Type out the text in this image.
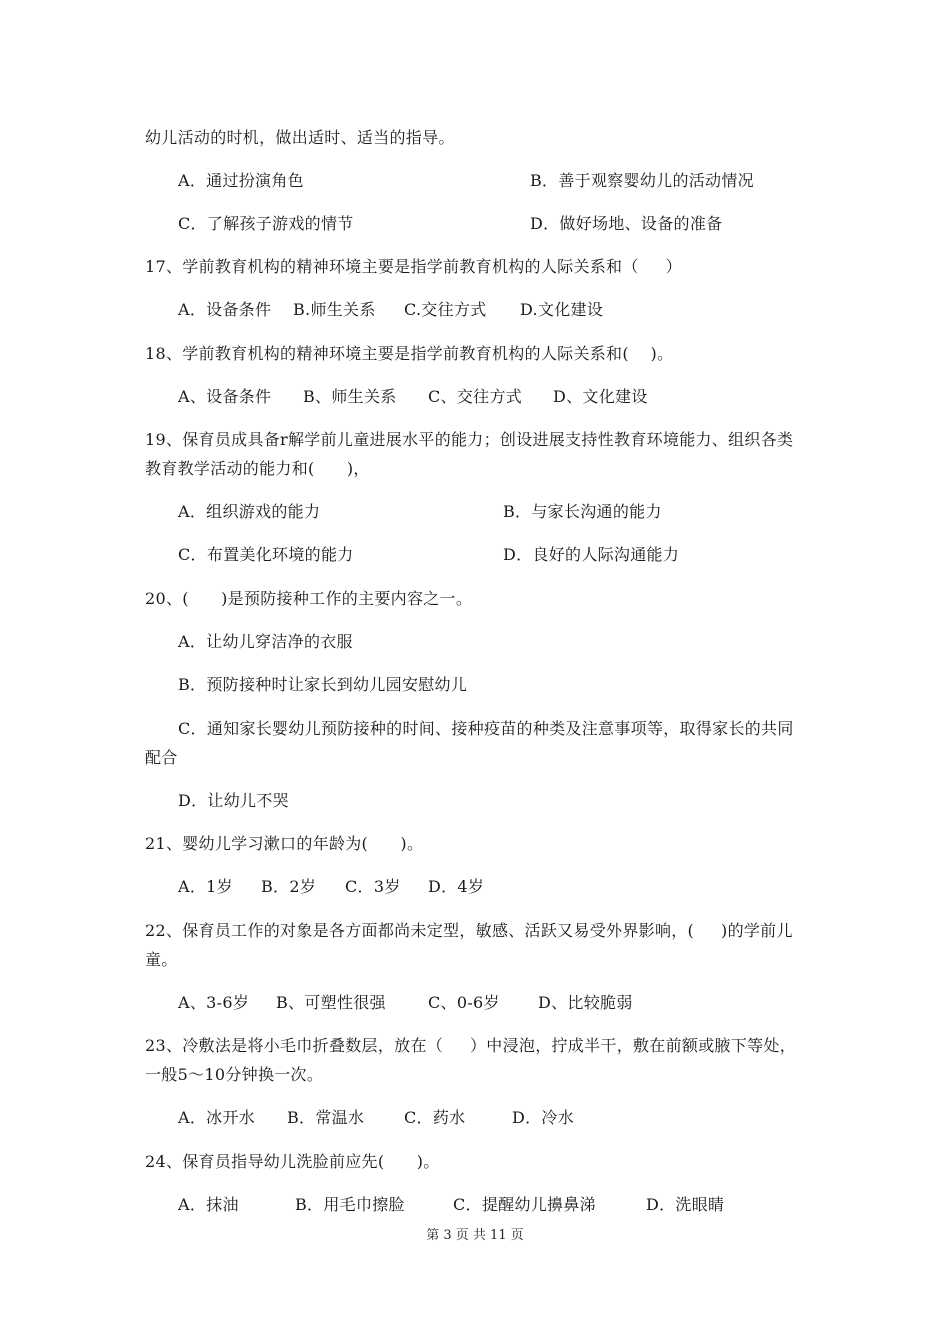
幼儿活动的时机，做出适时、适当的指导。
A．通过扮演角色	B．善于观察婴幼儿的活动情况
C．了解孩子游戏的情节	D．做好场地、设备的准备
17、学前教育机构的精神环境主要是指学前教育机构的人际关系和（     ）
A．设备条件 B.师生关系 C.交往方式 D.文化建设
18、学前教育机构的精神环境主要是指学前教育机构的人际关系和(    )。
A、设备条件 B、师生关系 C、交往方式 D、文化建设
19、保育员成具备r解学前儿童进展水平的能力；创设进展支持性教育环境能力、组织各类
教育教学活动的能力和(      )，
A．组织游戏的能力	B．与家长沟通的能力
C．布置美化环境的能力	D．良好的人际沟通能力
20、(      )是预防接种工作的主要内容之一。
A．让幼儿穿洁净的衣服
B．预防接种时让家长到幼儿园安慰幼儿
C．通知家长婴幼儿预防接种的时间、接种疫苗的种类及注意事项等，取得家长的共同
配合
D．让幼儿不哭
21、婴幼儿学习漱口的年龄为(      )。
A．1岁 B．2岁 C．3岁 D．4岁
22、保育员工作的对象是各方面都尚未定型，敏感、活跃又易受外界影响，(     )的学前儿
童。
A、3-6岁 B、可塑性很强	C、0-6岁 D、比较脆弱
23、冷敷法是将小毛巾折叠数层，放在（     ）中浸泡，拧成半干，敷在前额或腋下等处，
一般5～10分钟换一次。
A．冰开水 B．常温水 C．药水	D．冷水
24、保育员指导幼儿洗脸前应先(      )。
A．抹油	B．用毛巾擦脸	C．提醒幼儿擤鼻涕	D．洗眼睛
第 3 页 共 11 页
